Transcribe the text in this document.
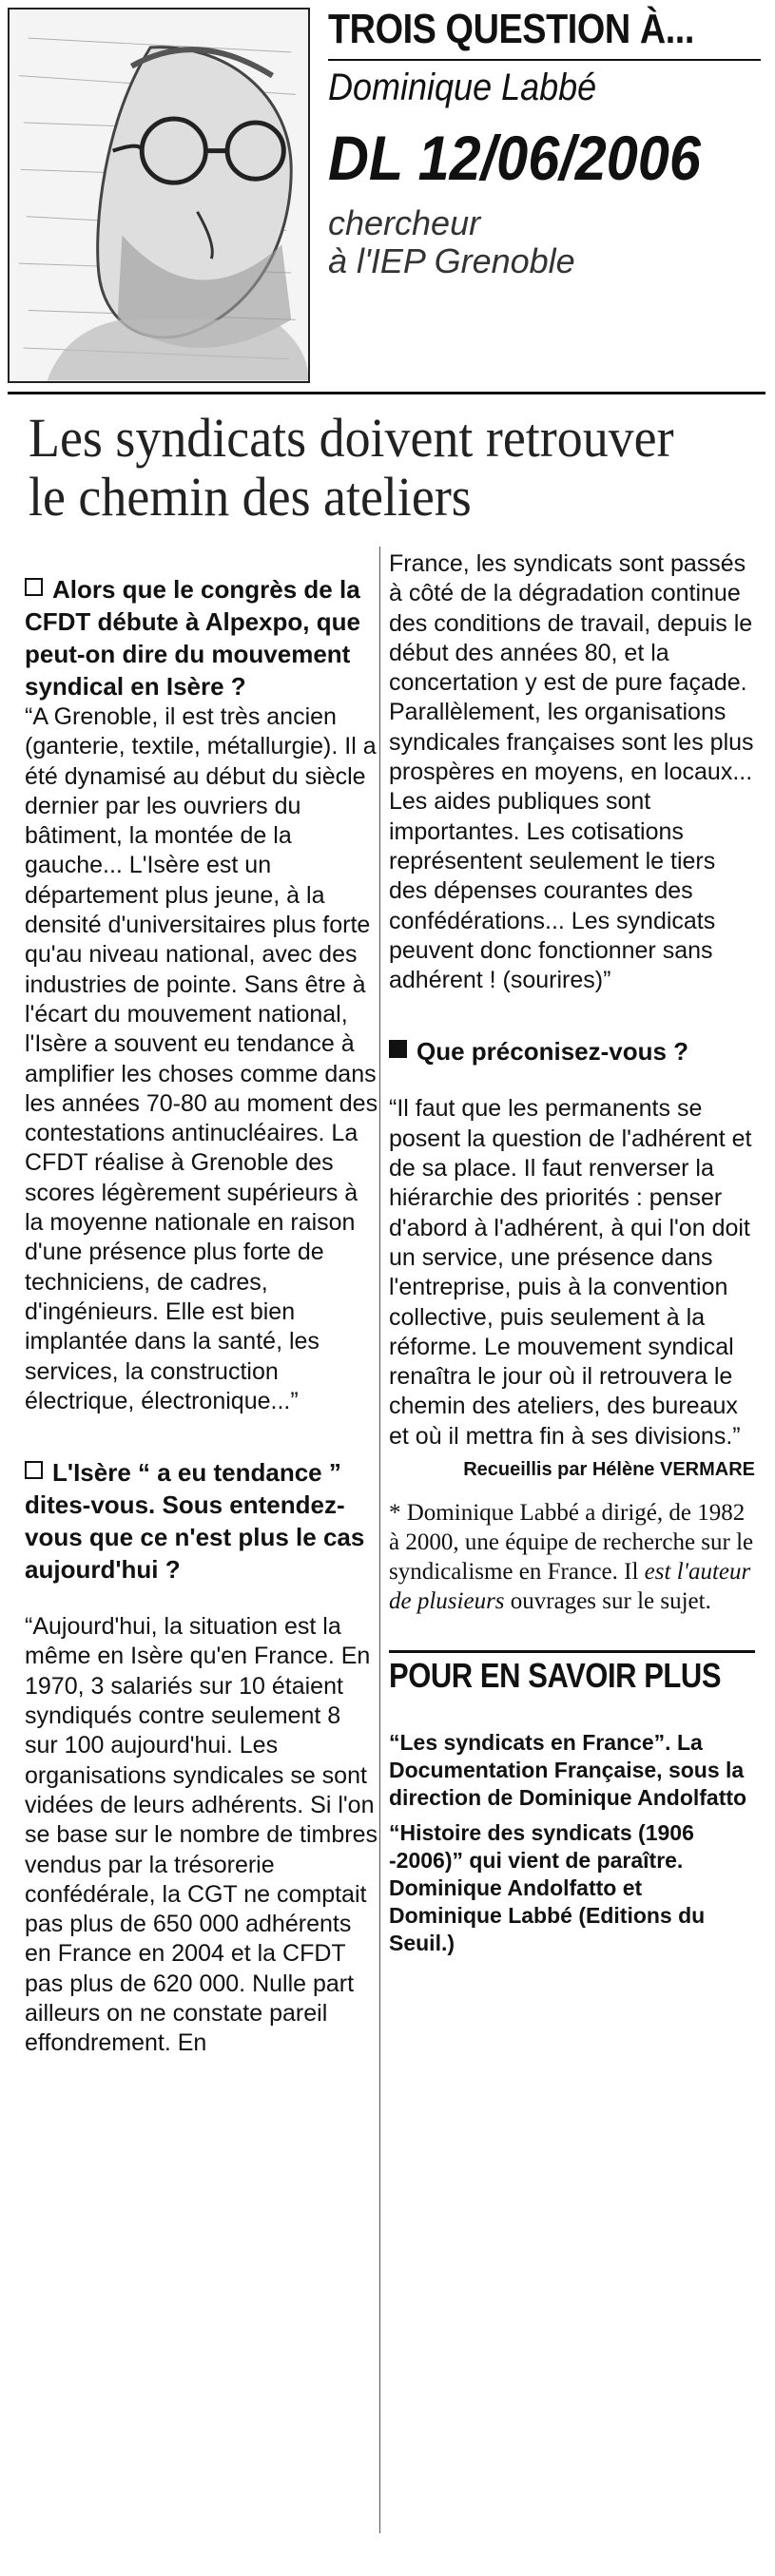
TROIS QUESTION À...
Dominique Labbé
DL 12/06/2006
chercheur
à l'IEP Grenoble
Les syndicats doivent retrouver le chemin des ateliers

Alors que le congrès de la CFDT débute à Alpexpo, que peut-on dire du mouvement syndical en Isère ?

“A Grenoble, il est très ancien (ganterie, textile, métallurgie). Il a été dynamisé au début du siècle dernier par les ouvriers du bâtiment, la montée de la gauche... L'Isère est un département plus jeune, à la densité d'universitaires plus forte qu'au niveau national, avec des industries de pointe. Sans être à l'écart du mouvement national, l'Isère a souvent eu tendance à amplifier les choses comme dans les années 70-80 au moment des contestations antinucléaires. La CFDT réalise à Grenoble des scores légèrement supérieurs à la moyenne nationale en raison d'une présence plus forte de techniciens, de cadres, d'ingénieurs. Elle est bien implantée dans la santé, les services, la construction électrique, électronique...”

L'Isère “ a eu tendance ” dites-vous. Sous entendez-vous que ce n'est plus le cas aujourd'hui ?

“Aujourd'hui, la situation est la même en Isère qu'en France. En 1970, 3 salariés sur 10 étaient syndiqués contre seulement 8 sur 100 aujourd'hui. Les organisations syndicales se sont vidées de leurs adhérents. Si l'on se base sur le nombre de timbres vendus par la trésorerie confédérale, la CGT ne comptait pas plus de 650 000 adhérents en France en 2004 et la CFDT pas plus de 620 000. Nulle part ailleurs on ne constate pareil effondrement. En

France, les syndicats sont passés à côté de la dégradation continue des conditions de travail, depuis le début des années 80, et la concertation y est de pure façade. Parallèlement, les organisations syndicales françaises sont les plus prospères en moyens, en locaux... Les aides publiques sont importantes. Les cotisations représentent seulement le tiers des dépenses courantes des confédérations... Les syndicats peuvent donc fonctionner sans adhérent ! (sourires)”

Que préconisez-vous ?

“Il faut que les permanents se posent la question de l'adhérent et de sa place. Il faut renverser la hiérarchie des priorités : penser d'abord à l'adhérent, à qui l'on doit un service, une présence dans l'entreprise, puis à la convention collective, puis seulement à la réforme. Le mouvement syndical renaîtra le jour où il retrouvera le chemin des ateliers, des bureaux et où il mettra fin à ses divisions.”

Recueillis par Hélène VERMARE
* Dominique Labbé a dirigé, de 1982 à 2000, une équipe de recherche sur le syndicalisme en France. Il est l'auteur de plusieurs ouvrages sur le sujet.
POUR EN SAVOIR PLUS
“Les syndicats en France”. La Documentation Française, sous la direction de Dominique Andolfatto
“Histoire des syndicats (1906 -2006)” qui vient de paraître. Dominique Andolfatto et Dominique Labbé (Editions du Seuil.)
